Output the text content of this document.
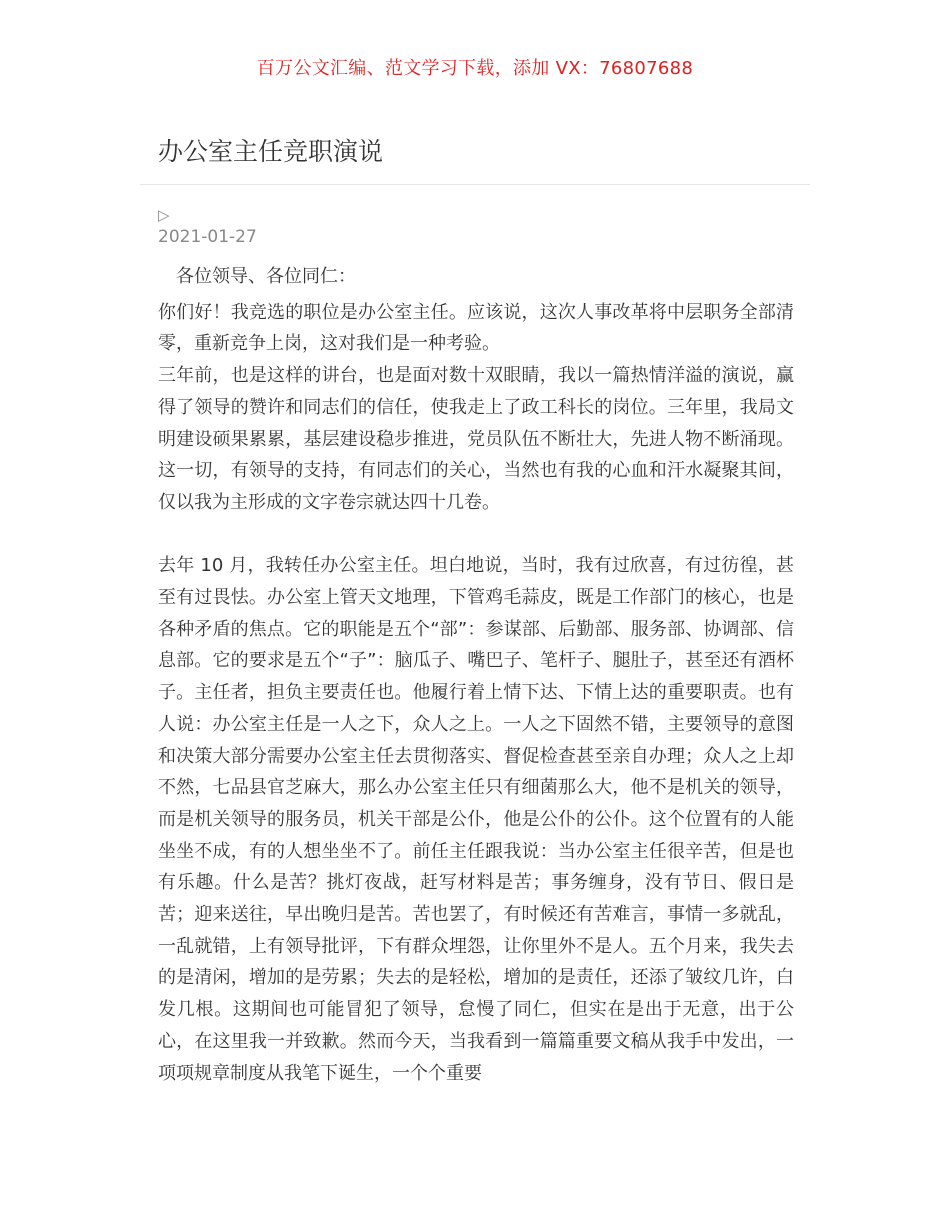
百万公文汇编、范文学习下载，添加 VX：76807688
办公室主任竞职演说
▷
2021-01-27

各位领导、各位同仁：

你们好！我竞选的职位是办公室主任。应该说，这次人事改革将中层职务全部清零，重新竞争上岗，这对我们是一种考验。

三年前，也是这样的讲台，也是面对数十双眼睛，我以一篇热情洋溢的演说，赢得了领导的赞许和同志们的信任，使我走上了政工科长的岗位。三年里，我局文明建设硕果累累，基层建设稳步推进，党员队伍不断壮大，先进人物不断涌现。这一切，有领导的支持，有同志们的关心，当然也有我的心血和汗水凝聚其间，仅以我为主形成的文字卷宗就达四十几卷。

去年 10 月，我转任办公室主任。坦白地说，当时，我有过欣喜，有过彷徨，甚至有过畏怯。办公室上管天文地理，下管鸡毛蒜皮，既是工作部门的核心，也是各种矛盾的焦点。它的职能是五个“部”：参谋部、后勤部、服务部、协调部、信息部。它的要求是五个“子”：脑瓜子、嘴巴子、笔杆子、腿肚子，甚至还有酒杯子。主任者，担负主要责任也。他履行着上情下达、下情上达的重要职责。也有人说：办公室主任是一人之下，众人之上。一人之下固然不错，主要领导的意图和决策大部分需要办公室主任去贯彻落实、督促检查甚至亲自办理；众人之上却不然，七品县官芝麻大，那么办公室主任只有细菌那么大，他不是机关的领导，而是机关领导的服务员，机关干部是公仆，他是公仆的公仆。这个位置有的人能坐坐不成，有的人想坐坐不了。前任主任跟我说：当办公室主任很辛苦，但是也有乐趣。什么是苦？挑灯夜战，赶写材料是苦；事务缠身，没有节日、假日是苦；迎来送往，早出晚归是苦。苦也罢了，有时候还有苦难言，事情一多就乱，一乱就错，上有领导批评，下有群众埋怨，让你里外不是人。五个月来，我失去的是清闲，增加的是劳累；失去的是轻松，增加的是责任，还添了皱纹几许，白发几根。这期间也可能冒犯了领导，怠慢了同仁，但实在是出于无意，出于公心，在这里我一并致歉。然而今天，当我看到一篇篇重要文稿从我手中发出，一项项规章制度从我笔下诞生，一个个重要
